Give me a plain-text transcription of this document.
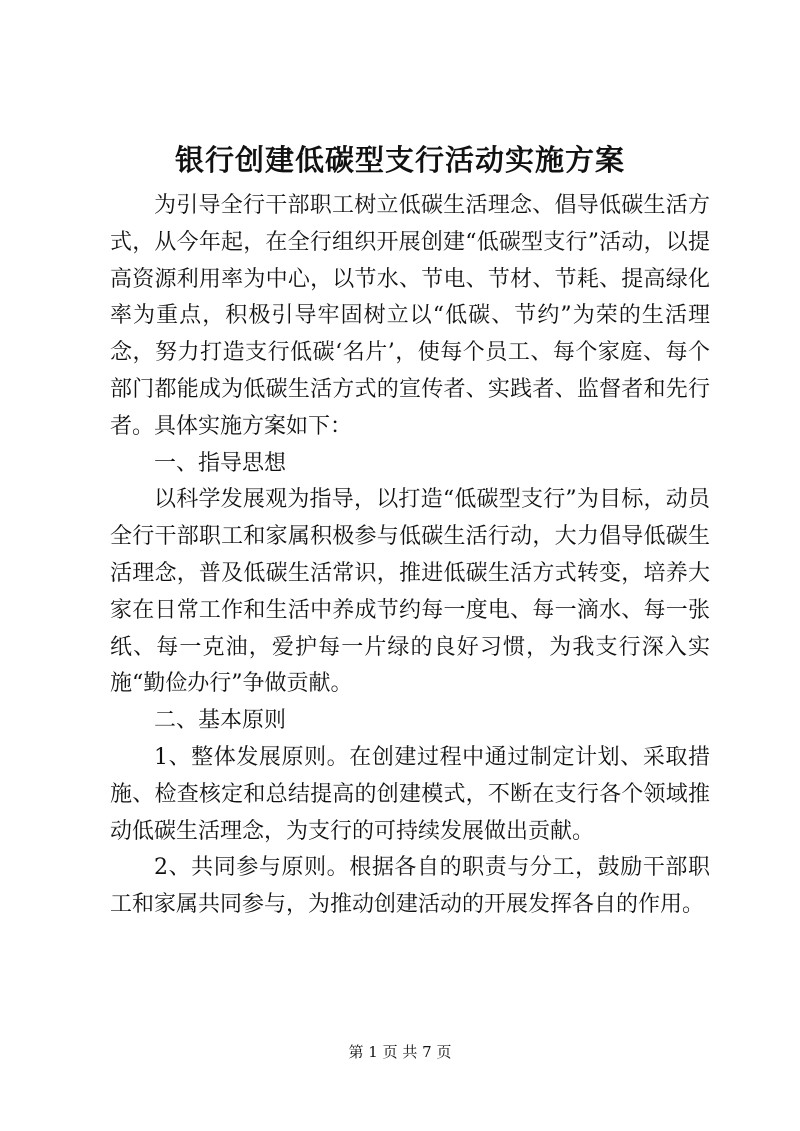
银行创建低碳型支行活动实施方案

为引导全行干部职工树立低碳生活理念、倡导低碳生活方式，从今年起，在全行组织开展创建“低碳型支行”活动，以提高资源利用率为中心，以节水、节电、节材、节耗、提高绿化率为重点，积极引导牢固树立以“低碳、节约”为荣的生活理念，努力打造支行低碳‘名片’，使每个员工、每个家庭、每个部门都能成为低碳生活方式的宣传者、实践者、监督者和先行者。具体实施方案如下：

一、指导思想

以科学发展观为指导，以打造“低碳型支行”为目标，动员全行干部职工和家属积极参与低碳生活行动，大力倡导低碳生活理念，普及低碳生活常识，推进低碳生活方式转变，培养大家在日常工作和生活中养成节约每一度电、每一滴水、每一张纸、每一克油，爱护每一片绿的良好习惯，为我支行深入实施“勤俭办行”争做贡献。

二、基本原则

1、整体发展原则。在创建过程中通过制定计划、采取措施、检查核定和总结提高的创建模式，不断在支行各个领域推动低碳生活理念，为支行的可持续发展做出贡献。

2、共同参与原则。根据各自的职责与分工，鼓励干部职工和家属共同参与，为推动创建活动的开展发挥各自的作用。

第 1 页 共 7 页
